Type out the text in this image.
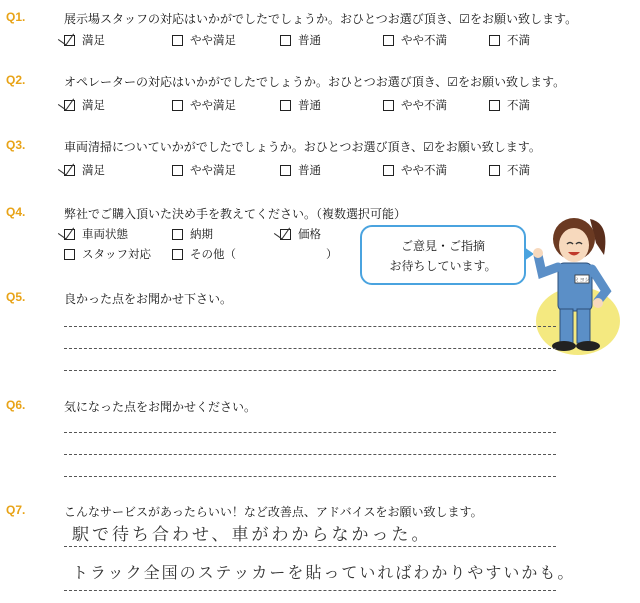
Q1.	展示場スタッフの対応はいかがでしたでしょうか。おひとつお選び頂き、☑をお願い致します。
満足	やや満足	普通	やや不満	不満
Q2.	オペレーターの対応はいかがでしたでしょうか。おひとつお選び頂き、☑をお願い致します。
満足	やや満足	普通	やや不満	不満
Q3.	車両清掃についていかがでしたでしょうか。おひとつお選び頂き、☑をお願い致します。
満足	やや満足	普通	やや不満	不満
Q4.	弊社でご購入頂いた決め手を教えてください。（複数選択可能）
車両状態	納期	価格
スタッフ対応	その他（	）
ご意見・ご指摘
お待ちしています。
ミヨシ
Q5.	良かった点をお聞かせ下さい。
Q6.	気になった点をお聞かせください。
Q7.	こんなサービスがあったらいい！など改善点、アドバイスをお願い致します。
駅で待ち合わせ、車がわからなかった。
トラック全国のステッカーを貼っていればわかりやすいかも。
